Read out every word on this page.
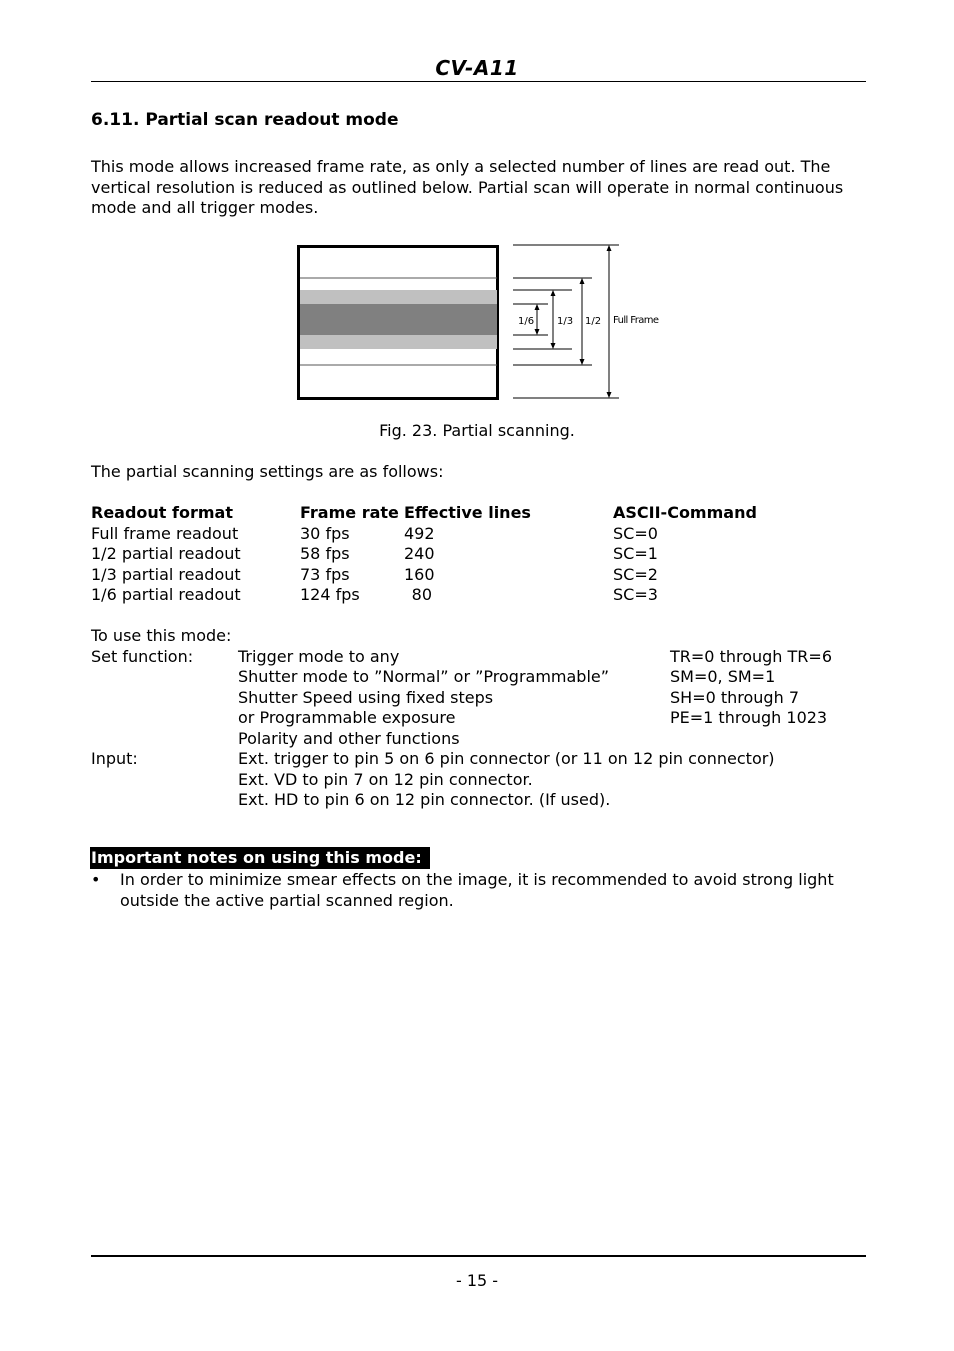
CV-A11
6.11. Partial scan readout mode
This mode allows increased frame rate, as only a selected number of lines are read out. The
vertical resolution is reduced as outlined below. Partial scan will operate in normal continuous
mode and all trigger modes.
1/6 1/3 1/2 Full Frame
Fig. 23. Partial scanning.
The partial scanning settings are as follows:
Readout format	Frame rate Effective lines	ASCII-Command
Full frame readout	30 fps	492	SC=0
1/2 partial readout	58 fps	240	SC=1
1/3 partial readout	73 fps	160	SC=2
1/6 partial readout	124 fps	80	SC=3
To use this mode:
Set function:	Trigger mode to any	TR=0 through TR=6
Shutter mode to ”Normal” or ”Programmable”	SM=0, SM=1
Shutter Speed using fixed steps	SH=0 through 7
or Programmable exposure	PE=1 through 1023
Polarity and other functions
Input:	Ext. trigger to pin 5 on 6 pin connector (or 11 on 12 pin connector)
Ext. VD to pin 7 on 12 pin connector.
Ext. HD to pin 6 on 12 pin connector. (If used).
Important notes on using this mode:
• In order to minimize smear effects on the image, it is recommended to avoid strong light
outside the active partial scanned region.
- 15 -
